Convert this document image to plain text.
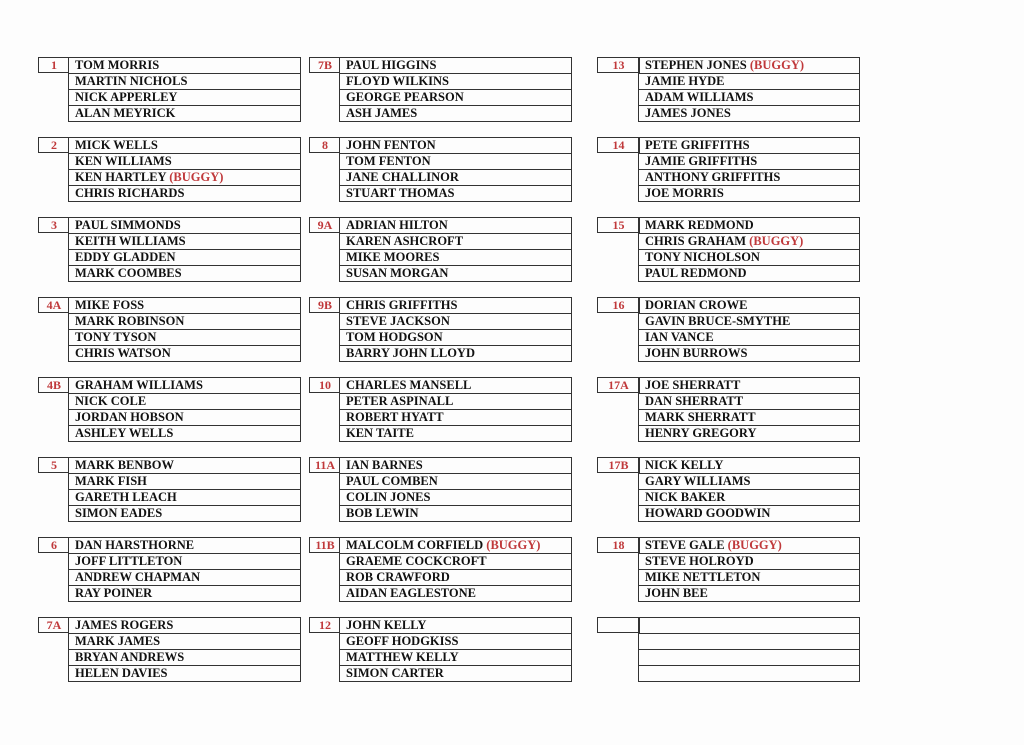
1	TOM MORRIS
MARTIN NICHOLS
NICK APPERLEY
ALAN MEYRICK
2	MICK WELLS
KEN WILLIAMS
KEN HARTLEY (BUGGY)
CHRIS RICHARDS
3	PAUL SIMMONDS
KEITH WILLIAMS
EDDY GLADDEN
MARK COOMBES
4A	MIKE FOSS
MARK ROBINSON
TONY TYSON
CHRIS WATSON
4B	GRAHAM WILLIAMS
NICK COLE
JORDAN HOBSON
ASHLEY WELLS
5	MARK BENBOW
MARK FISH
GARETH LEACH
SIMON EADES
6	DAN HARSTHORNE
JOFF LITTLETON
ANDREW CHAPMAN
RAY POINER
7A	JAMES ROGERS
MARK JAMES
BRYAN ANDREWS
HELEN DAVIES
7B	PAUL HIGGINS
FLOYD WILKINS
GEORGE PEARSON
ASH JAMES
8	JOHN FENTON
TOM FENTON
JANE CHALLINOR
STUART THOMAS
9A	ADRIAN HILTON
KAREN ASHCROFT
MIKE MOORES
SUSAN MORGAN
9B	CHRIS GRIFFITHS
STEVE JACKSON
TOM HODGSON
BARRY JOHN LLOYD
10	CHARLES MANSELL
PETER ASPINALL
ROBERT HYATT
KEN TAITE
11A IAN BARNES
PAUL COMBEN
COLIN JONES
BOB LEWIN
11B MALCOLM CORFIELD (BUGGY)
GRAEME COCKCROFT
ROB CRAWFORD
AIDAN EAGLESTONE
12	JOHN KELLY
GEOFF HODGKISS
MATTHEW KELLY
SIMON CARTER
13	STEPHEN JONES (BUGGY)
JAMIE HYDE
ADAM WILLIAMS
JAMES JONES
14	PETE GRIFFITHS
JAMIE GRIFFITHS
ANTHONY GRIFFITHS
JOE MORRIS
15	MARK REDMOND
CHRIS GRAHAM (BUGGY)
TONY NICHOLSON
PAUL REDMOND
16	DORIAN CROWE
GAVIN BRUCE-SMYTHE
IAN VANCE
JOHN BURROWS
17A	JOE SHERRATT
DAN SHERRATT
MARK SHERRATT
HENRY GREGORY
17B	NICK KELLY
GARY WILLIAMS
NICK BAKER
HOWARD GOODWIN
18	STEVE GALE (BUGGY)
STEVE HOLROYD
MIKE NETTLETON
JOHN BEE
